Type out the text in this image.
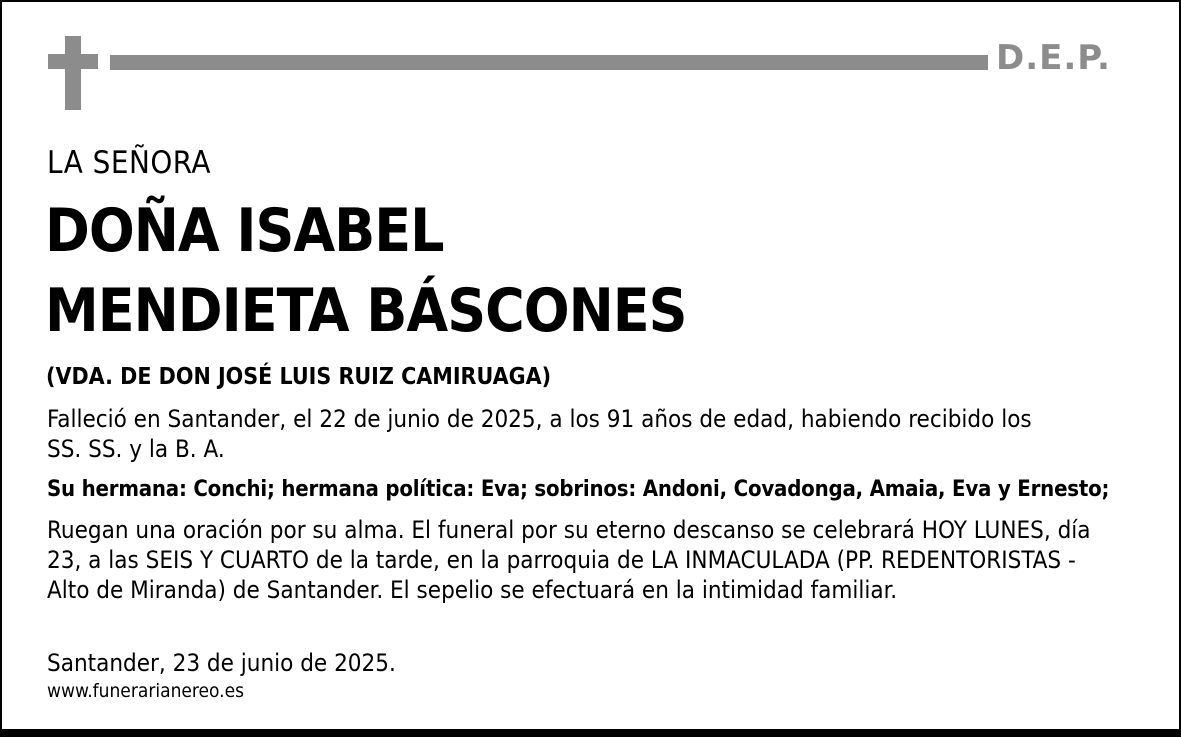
D.E.P.
LA SEÑORA
DOÑA ISABEL
MENDIETA BÁSCONES
(VDA. DE DON JOSÉ LUIS RUIZ CAMIRUAGA)
Falleció en Santander, el 22 de junio de 2025, a los 91 años de edad, habiendo recibido los
SS. SS. y la B. A.
Su hermana: Conchi; hermana política: Eva; sobrinos: Andoni, Covadonga, Amaia, Eva y Ernesto;
Ruegan una oración por su alma. El funeral por su eterno descanso se celebrará HOY LUNES, día
23, a las SEIS Y CUARTO de la tarde, en la parroquia de LA INMACULADA (PP. REDENTORISTAS -
Alto de Miranda) de Santander. El sepelio se efectuará en la intimidad familiar.
Santander, 23 de junio de 2025.
www.funerarianereo.es
